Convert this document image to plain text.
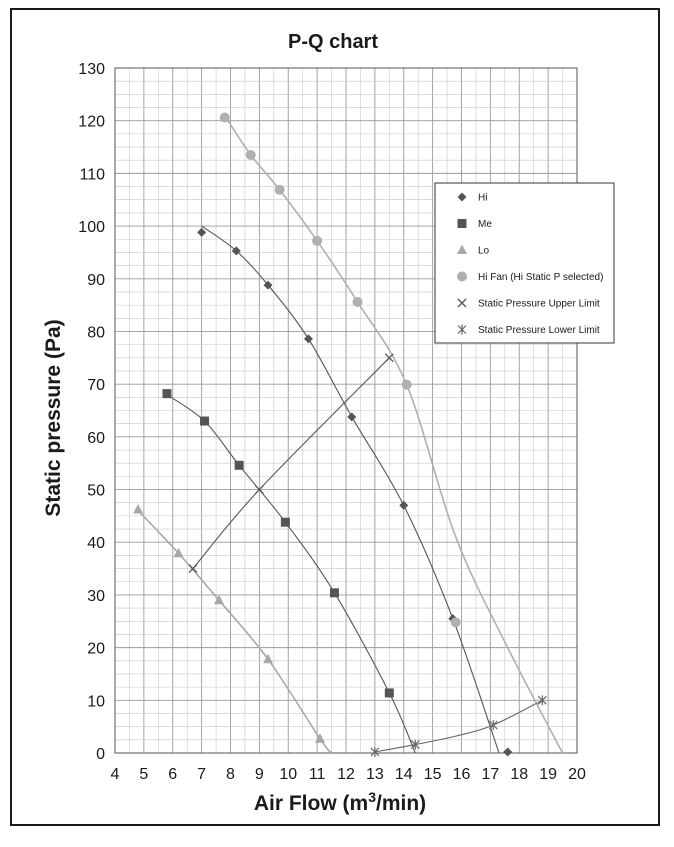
4 5 6 7 8 9 10 11 12 13 14 15 16 17 18 19 20
0
10
20
30
40
50
60
70
80
90
100
110
120
130
P-Q chart
Static pressure (Pa)
Air Flow $(m^3/\min)$
Hi
Me
Lo
Hi Fan (Hi Static P selected)
Static Pressure Upper Limit
Static Pressure Lower Limit
